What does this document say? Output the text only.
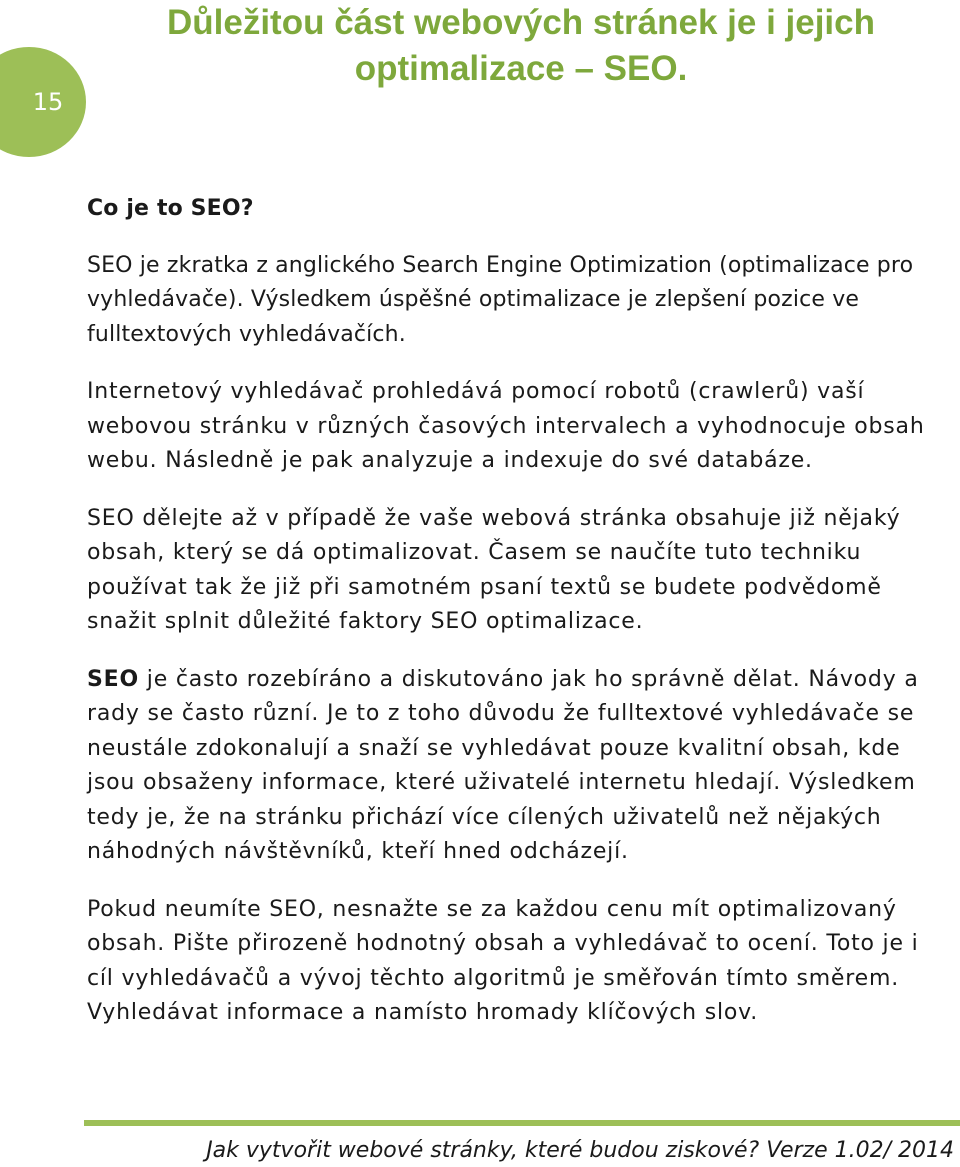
15
Důležitou část webových stránek je i jejich optimalizace – SEO.

Co je to SEO?

SEO je zkratka z anglického Search Engine Optimization (optimalizace pro vyhledávače). Výsledkem úspěšné optimalizace je zlepšení pozice ve fulltextových vyhledávačích.

Internetový vyhledávač prohledává pomocí robotů (crawlerů) vaší webovou stránku v různých časových intervalech a vyhodnocuje obsah webu. Následně je pak analyzuje a indexuje do své databáze.

SEO dělejte až v případě že vaše webová stránka obsahuje již nějaký obsah, který se dá optimalizovat. Časem se naučíte tuto techniku používat tak že již při samotném psaní textů se budete podvědomě snažit splnit důležité faktory SEO optimalizace.

SEO je často rozebíráno a diskutováno jak ho správně dělat. Návody a rady se často různí. Je to z toho důvodu že fulltextové vyhledávače se neustále zdokonalují a snaží se vyhledávat pouze kvalitní obsah, kde jsou obsaženy informace, které uživatelé internetu hledají. Výsledkem tedy je, že na stránku přichází více cílených uživatelů než nějakých náhodných návštěvníků, kteří hned odcházejí.

Pokud neumíte SEO, nesnažte se za každou cenu mít optimalizovaný obsah. Pište přirozeně hodnotný obsah a vyhledávač to ocení. Toto je i cíl vyhledávačů a vývoj těchto algoritmů je směřován tímto směrem. Vyhledávat informace a namísto hromady klíčových slov.

Jak vytvořit webové stránky, které budou ziskové? Verze 1.02/ 2014
